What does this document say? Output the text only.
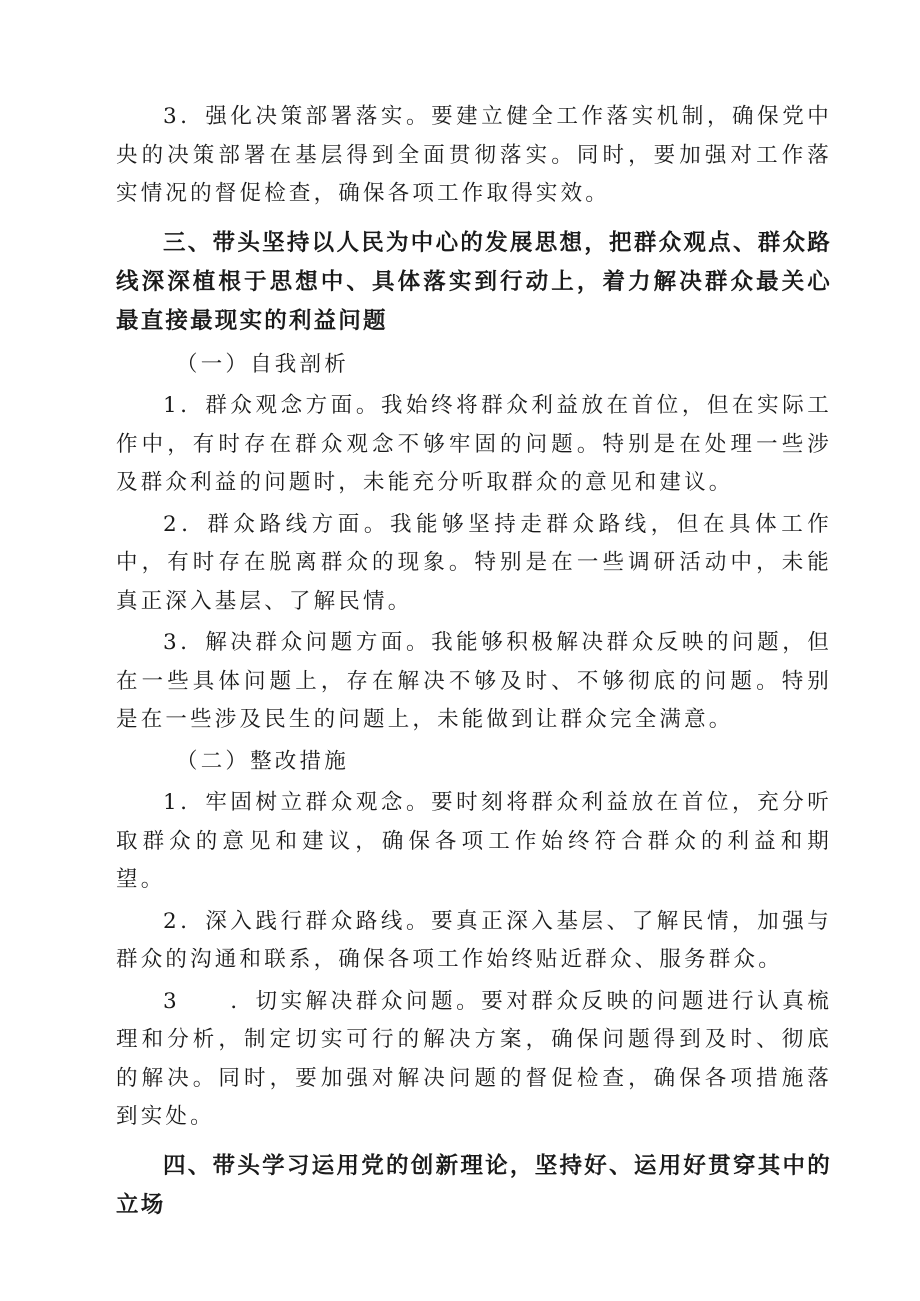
3．强化决策部署落实。要建立健全工作落实机制，确保党中央的决策部署在基层得到全面贯彻落实。同时，要加强对工作落实情况的督促检查，确保各项工作取得实效。

三、带头坚持以人民为中心的发展思想，把群众观点、群众路线深深植根于思想中、具体落实到行动上，着力解决群众最关心最直接最现实的利益问题

（一）自我剖析

1．群众观念方面。我始终将群众利益放在首位，但在实际工作中，有时存在群众观念不够牢固的问题。特别是在处理一些涉及群众利益的问题时，未能充分听取群众的意见和建议。

2．群众路线方面。我能够坚持走群众路线，但在具体工作中，有时存在脱离群众的现象。特别是在一些调研活动中，未能真正深入基层、了解民情。

3．解决群众问题方面。我能够积极解决群众反映的问题，但在一些具体问题上，存在解决不够及时、不够彻底的问题。特别是在一些涉及民生的问题上，未能做到让群众完全满意。

（二）整改措施

1．牢固树立群众观念。要时刻将群众利益放在首位，充分听取群众的意见和建议，确保各项工作始终符合群众的利益和期望。

2．深入践行群众路线。要真正深入基层、了解民情，加强与群众的沟通和联系，确保各项工作始终贴近群众、服务群众。

3　　．切实解决群众问题。要对群众反映的问题进行认真梳理和分析，制定切实可行的解决方案，确保问题得到及时、彻底的解决。同时，要加强对解决问题的督促检查，确保各项措施落到实处。

四、带头学习运用党的创新理论，坚持好、运用好贯穿其中的立场
